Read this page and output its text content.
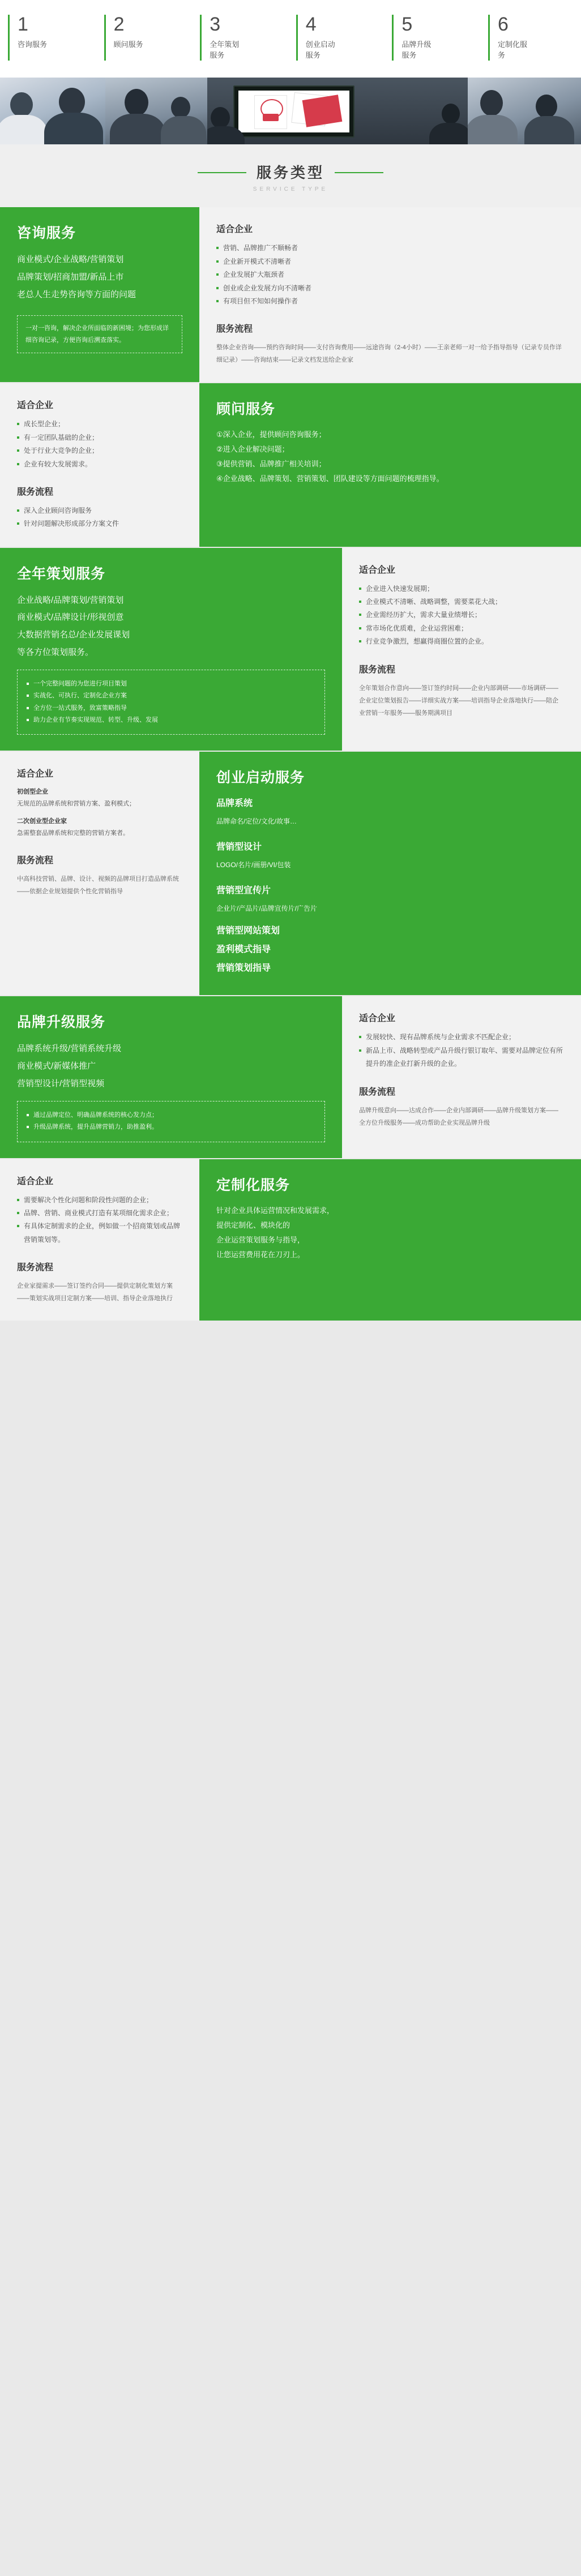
1
咨询服务
2
顾问服务
3
全年策划服务
4
创业启动服务
5
品牌升级服务
6
定制化服务
服务类型
SERVICE TYPE
咨询服务
商业模式/企业战略/营销策划
品牌策划/招商加盟/新品上市
老总人生走势咨询等方面的问题
一对一咨询，解决企业所面临的新困境；为您形成详细咨询记录，方便咨询后溯查落实。
适合企业
营销、品牌推广不顺畅者
企业新开模式不清晰者
企业发展扩大瓶颈者
创业或企业发展方向不清晰者
有项目但不知如何操作者
服务流程
整体企业咨询——预约咨询时间——支付咨询费用——远途咨询（2-4小时）——王亲老师一对一给予指导指导（记录专员作详细记录）——咨询结束——记录文档发送给企业家
适合企业
成长型企业；
有一定团队基础的企业；
处于行业大竞争的企业；
企业有较大发展需求。
服务流程
深入企业顾问咨询服务
针对问题解决形成部分方案文件
顾问服务
①深入企业，提供顾问咨询服务；
②进入企业解决问题；
③提供营销、品牌推广相关培训；
④企业战略、品牌策划、营销策划、团队建设等方面问题的梳理指导。
全年策划服务
企业战略/品牌策划/营销策划
商业模式/品牌设计/形视创意
大数据营销名总/企业发展课划
等各方位策划服务。
一个完整问题的为您进行项目策划
实战化、可执行、定制化企业方案
全方位一站式服务，致富策略指导
助力企业有节奏实现规范、转型、升级、发展
适合企业
企业进入快速发展期；
企业模式不清晰、战略调整，需要菜花大战；
企业需经历扩大，需求大量业绩增长；
常市场化优质难，企业运营困难；
行业竞争激烈，想赢得商圈位置的企业。
服务流程
全年策划合作意向——签订签约时间——企业内部调研——市场调研——企业定位策划报告——详细实战方案——培训指导企业落地执行——陪企业营销一年服务——服务期满项目
适合企业
初创型企业
无规范的品牌系统和营销方案、盈利模式；
二次创业型企业家
急需整套品牌系统和完整的营销方案者。
服务流程
中高科技营销、品牌、设计、视频的品牌项目打造品牌系统——依据企业规划提供个性化营销指导
创业启动服务
品牌系统
品牌命名/定位/文化/故事…
营销型设计
LOGO/名片/画册/VI/包装
营销型宣传片
企业片/产品片/品牌宣传片/广告片
营销型网站策划
盈利模式指导
营销策划指导
品牌升级服务
品牌系统升级/营销系统升级
商业模式/新媒体推广
营销型设计/营销型视频
通过品牌定位、明确品牌系统的核心发力点；
升级品牌系统，提升品牌营销力，助推盈利。
适合企业
发展较快、现有品牌系统与企业需求不匹配企业；
新品上市、战略转型或产品升级行银订取年、需要对品牌定位有所提升的准企业打新升级的企业。
服务流程
品牌升级意向——达成合作——企业内部调研——品牌升级策划方案——全方位升级服务——成功帮助企业实现品牌升级
适合企业
需要解决个性化问题和阶段性问题的企业；
品牌、营销、商业模式打造有某项细化需求企业；
有具体定制需求的企业，例如做一个招商策划或品牌营销策划等。
服务流程
企业家提需求——签订签约合同——提供定制化策划方案——策划实战项目定制方案——培训、指导企业落地执行
定制化服务
针对企业具体运营情况和发展需求，
提供定制化、模块化的
企业运营策划服务与指导，
让您运营费用花在刀刃上。
